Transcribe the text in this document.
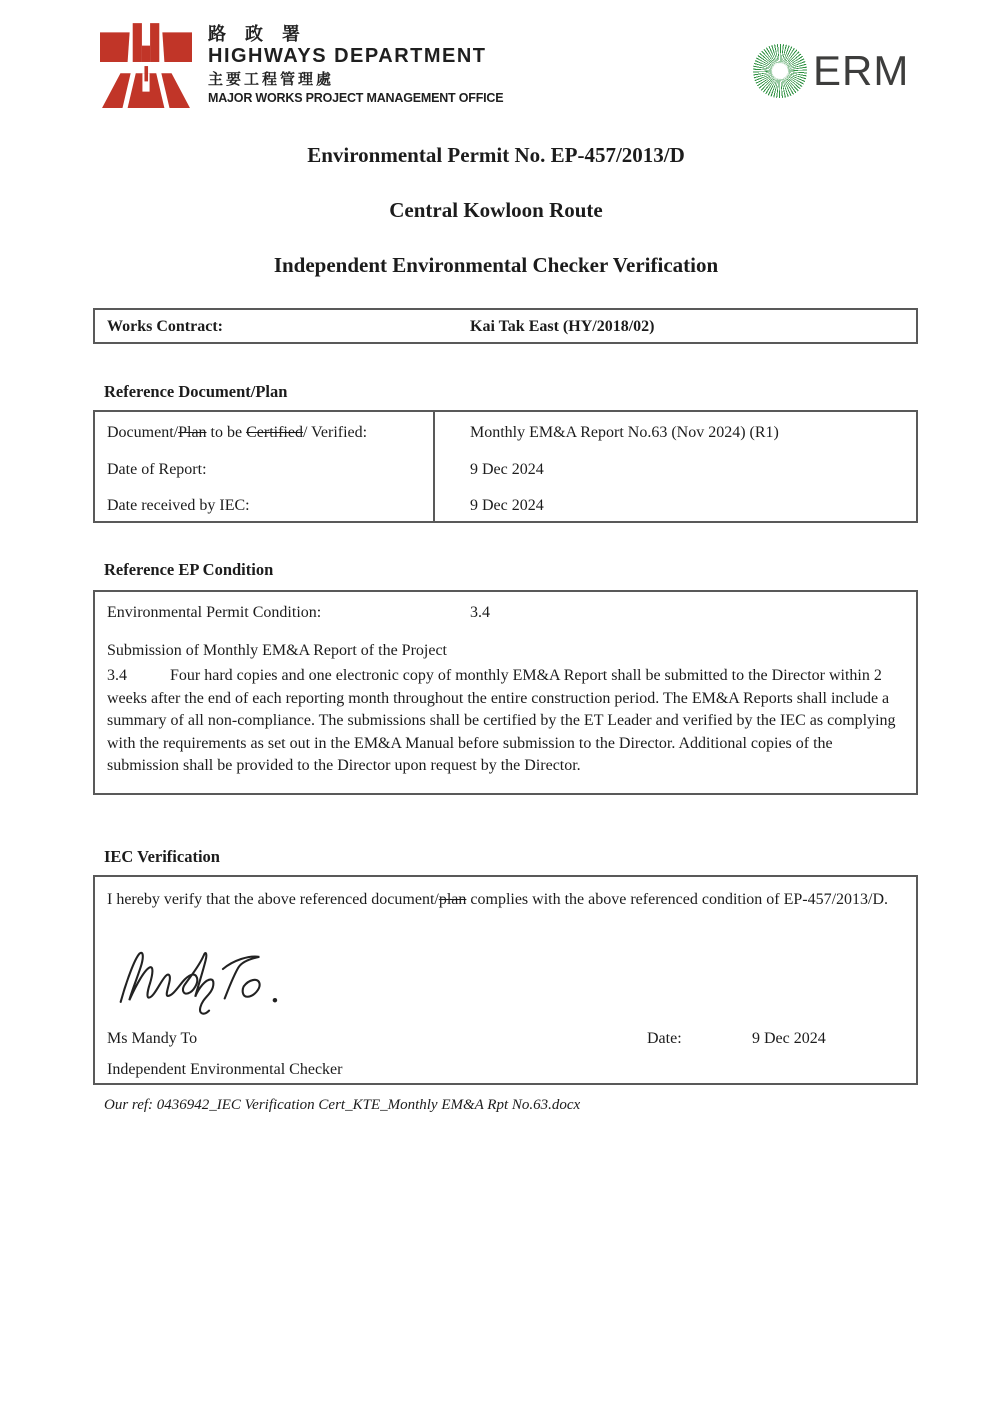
路 政 署
HIGHWAYS DEPARTMENT
主要工程管理處
MAJOR WORKS PROJECT MANAGEMENT OFFICE
ERM
Environmental Permit No. EP-457/2013/D
Central Kowloon Route
Independent Environmental Checker Verification
Works Contract:	Kai Tak East (HY/2018/02)
Reference Document/Plan
Document/Plan to be Certified/ Verified:	Monthly EM&A Report No.63 (Nov 2024) (R1)
Date of Report:	9 Dec 2024
Date received by IEC:	9 Dec 2024
Reference EP Condition
Environmental Permit Condition:	3.4
Submission of Monthly EM&A Report of the Project
3.4	Four hard copies and one electronic copy of monthly EM&A Report shall be submitted to the Director within 2 weeks after the end of each reporting month throughout the entire construction period. The EM&A Reports shall include a summary of all non-compliance. The submissions shall be certified by the ET Leader and verified by the IEC as complying with the requirements as set out in the EM&A Manual before submission to the Director. Additional copies of the submission shall be provided to the Director upon request by the Director.
IEC Verification
I hereby verify that the above referenced document/plan complies with the above referenced condition of EP-457/2013/D.
Ms Mandy To	Date:	9 Dec 2024
Independent Environmental Checker
Our ref: 0436942_IEC Verification Cert_KTE_Monthly EM&A Rpt No.63.docx
